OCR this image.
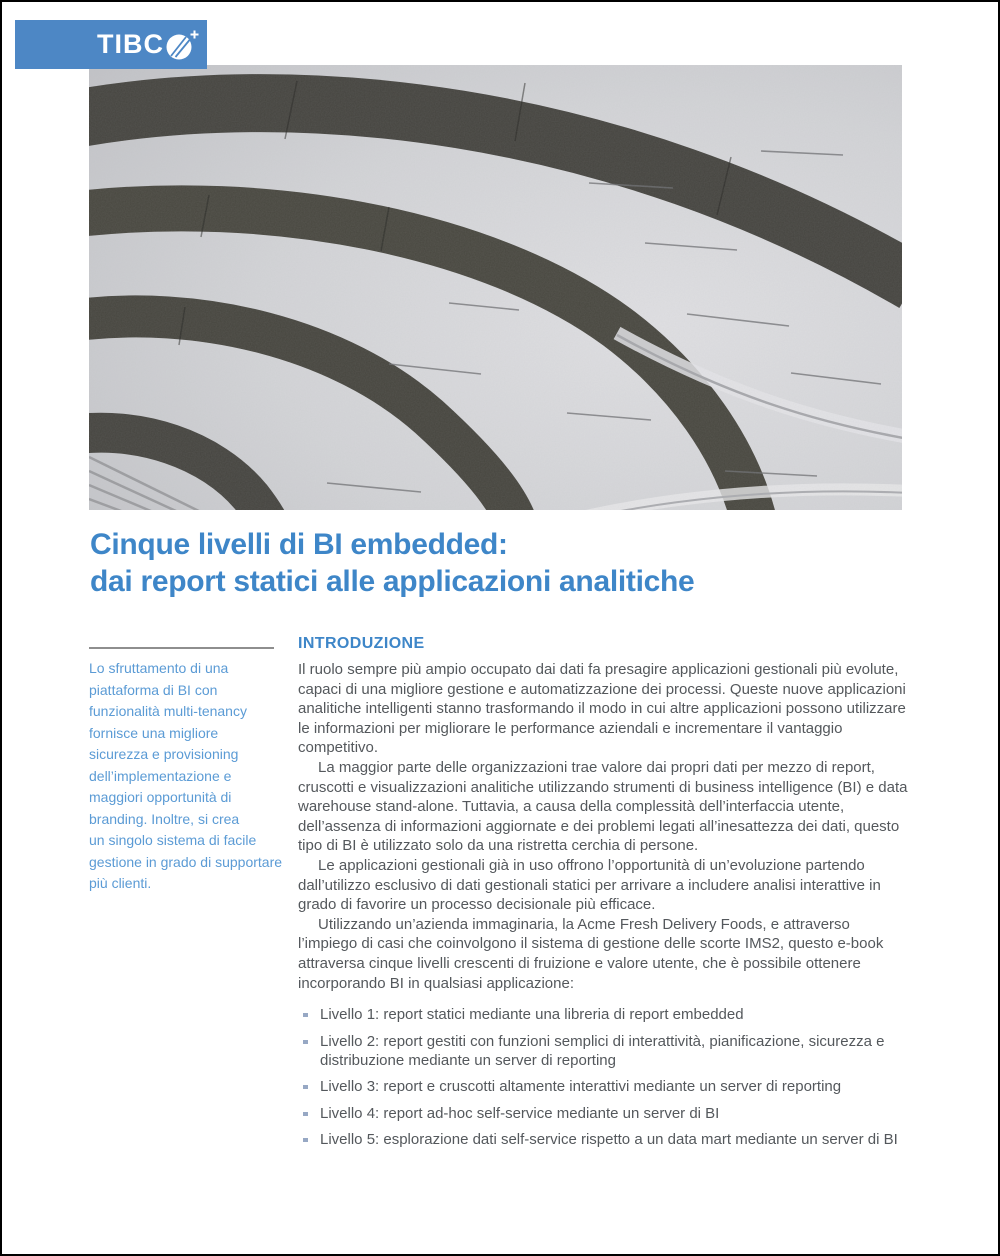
TIBC
Cinque livelli di BI embedded:
dai report statici alle applicazioni analitiche
Lo sfruttamento di una
piattaforma di BI con
funzionalità multi-tenancy
fornisce una migliore
sicurezza e provisioning
dell’implementazione e
maggiori opportunità di
branding. Inoltre, si crea
un singolo sistema di facile
gestione in grado di supportare
più clienti.
INTRODUZIONE

Il ruolo sempre più ampio occupato dai dati fa presagire applicazioni gestionali più evolute, capaci di una migliore gestione e automatizzazione dei processi. Queste nuove applicazioni analitiche intelligenti stanno trasformando il modo in cui altre applicazioni possono utilizzare le informazioni per migliorare le performance aziendali e incrementare il vantaggio competitivo.

La maggior parte delle organizzazioni trae valore dai propri dati per mezzo di report, cruscotti e visualizzazioni analitiche utilizzando strumenti di business intelligence (BI) e data warehouse stand-alone. Tuttavia, a causa della complessità dell’interfaccia utente, dell’assenza di informazioni aggiornate e dei problemi legati all’inesattezza dei dati, questo tipo di BI è utilizzato solo da una ristretta cerchia di persone.

Le applicazioni gestionali già in uso offrono l’opportunità di un’evoluzione partendo dall’utilizzo esclusivo di dati gestionali statici per arrivare a includere analisi interattive in grado di favorire un processo decisionale più efficace.

Utilizzando un’azienda immaginaria, la Acme Fresh Delivery Foods, e attraverso l’impiego di casi che coinvolgono il sistema di gestione delle scorte IMS2, questo e-book attraversa cinque livelli crescenti di fruizione e valore utente, che è possibile ottenere incorporando BI in qualsiasi applicazione:

Livello 1: report statici mediante una libreria di report embedded
Livello 2: report gestiti con funzioni semplici di interattività, pianificazione, sicurezza e distribuzione mediante un server di reporting
Livello 3: report e cruscotti altamente interattivi mediante un server di reporting
Livello 4: report ad-hoc self-service mediante un server di BI
Livello 5: esplorazione dati self-service rispetto a un data mart mediante un server di BI
